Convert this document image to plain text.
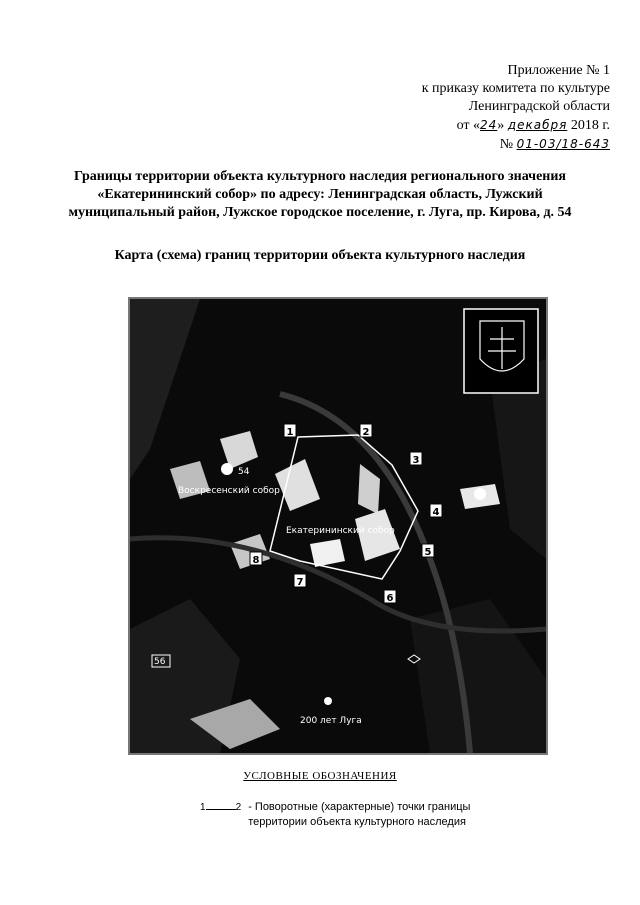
Приложение № 1
к приказу комитета по культуре
Ленинградской области
от «24» декабря 2018 г.
№ 01-03/18-643
Границы территории объекта культурного наследия регионального значения
«Екатерининский собор» по адресу: Ленинградская область, Лужский
муниципальный район, Лужское городское поселение, г. Луга, пр. Кирова, д. 54
Карта (схема) границ территории объекта культурного наследия
1	2
3
4
5
6
7
8
54
Воскресенский собор
Екатерининский собор
56
200 лет Луга
УСЛОВНЫЕ ОБОЗНАЧЕНИЯ
1	2 - Поворотные (характерные) точки границы
территории объекта культурного наследия
